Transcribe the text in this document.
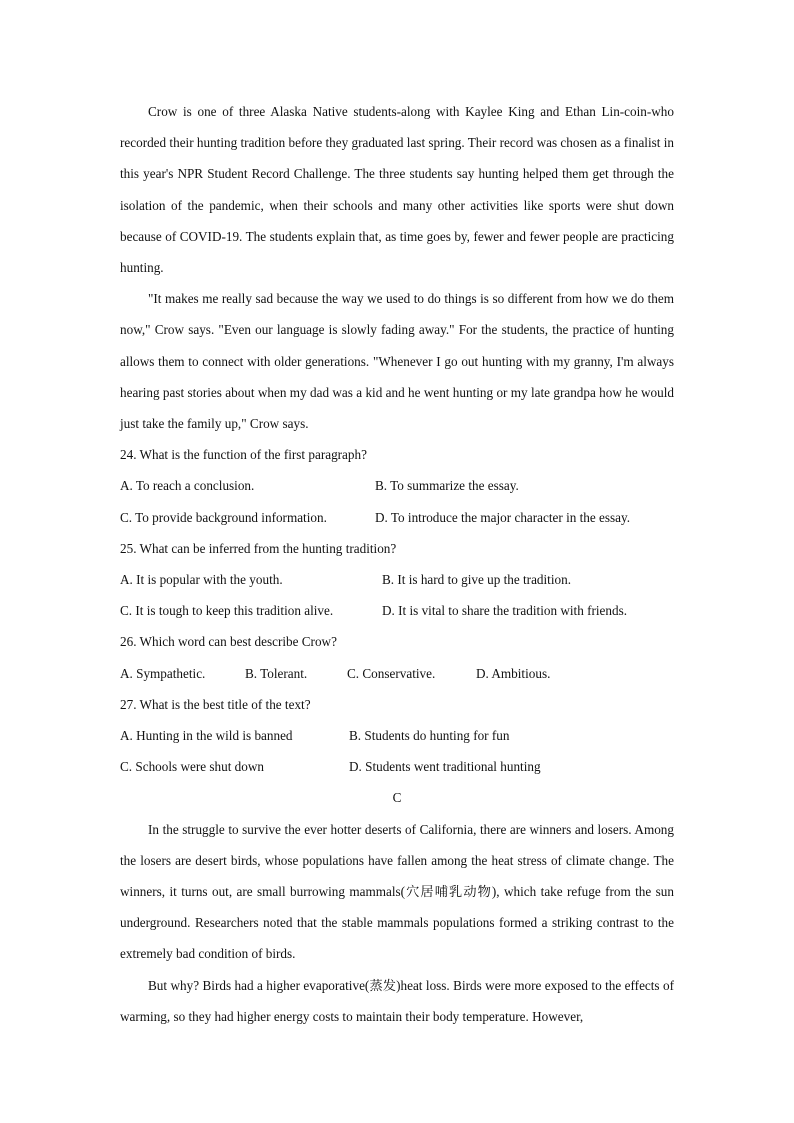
Crow is one of three Alaska Native students-along with Kaylee King and Ethan Lin-coin-who recorded their hunting tradition before they graduated last spring. Their record was chosen as a finalist in this year's NPR Student Record Challenge. The three students say hunting helped them get through the isolation of the pandemic, when their schools and many other activities like sports were shut down because of COVID-19. The students explain that, as time goes by, fewer and fewer people are practicing hunting.

"It makes me really sad because the way we used to do things is so different from how we do them now," Crow says. "Even our language is slowly fading away." For the students, the practice of hunting allows them to connect with older generations. "Whenever I go out hunting with my granny, I'm always hearing past stories about when my dad was a kid and he went hunting or my late grandpa how he would just take the family up," Crow says.

24. What is the function of the first paragraph?

A. To reach a conclusion.	B. To summarize the essay.
C. To provide background information.	D. To introduce the major character in the essay.

25. What can be inferred from the hunting tradition?

A. It is popular with the youth.	B. It is hard to give up the tradition.
C. It is tough to keep this tradition alive.	D. It is vital to share the tradition with friends.

26. Which word can best describe Crow?

A. Sympathetic.	B. Tolerant.	C. Conservative.	D. Ambitious.

27. What is the best title of the text?

A. Hunting in the wild is banned	B. Students do hunting for fun
C. Schools were shut down	D. Students went traditional hunting

C

In the struggle to survive the ever hotter deserts of California, there are winners and losers. Among the losers are desert birds, whose populations have fallen among the heat stress of climate change. The winners, it turns out, are small burrowing mammals(穴居哺乳动物), which take refuge from the sun underground. Researchers noted that the stable mammals populations formed a striking contrast to the extremely bad condition of birds.

But why? Birds had a higher evaporative(蒸发)heat loss. Birds were more exposed to the effects of warming, so they had higher energy costs to maintain their body temperature. However,
